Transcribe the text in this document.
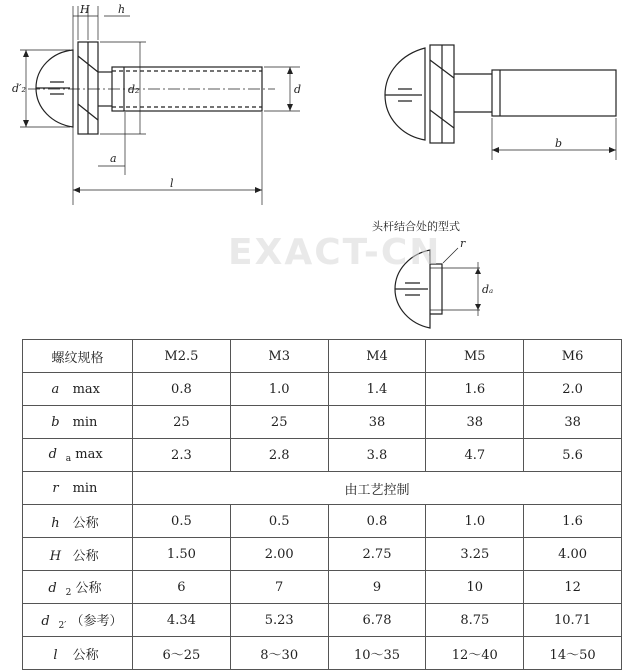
H	h
d′₂	d₂	d
a
l
b
r
dₐ
EXACT-CN
头杆结合处的型式
螺纹规格	M2.5	M3	M4	M5	M6
a max	0.8	1.0	1.4	1.6	2.0
b min	25	25	38	38	38
d $_a$ max	2.3	2.8	3.8	4.7	5.6
r min	由工艺控制				
h 公称	0.5	0.5	0.8	1.0	1.6
H 公称	1.50	2.00	2.75	3.25	4.00
d $_2$ 公称	6	7	9	10	12
d $_{2'}$ （参考）	4.34	5.23	6.78	8.75	10.71
l 公称	6～25	8～30	10～35	12～40	14～50
